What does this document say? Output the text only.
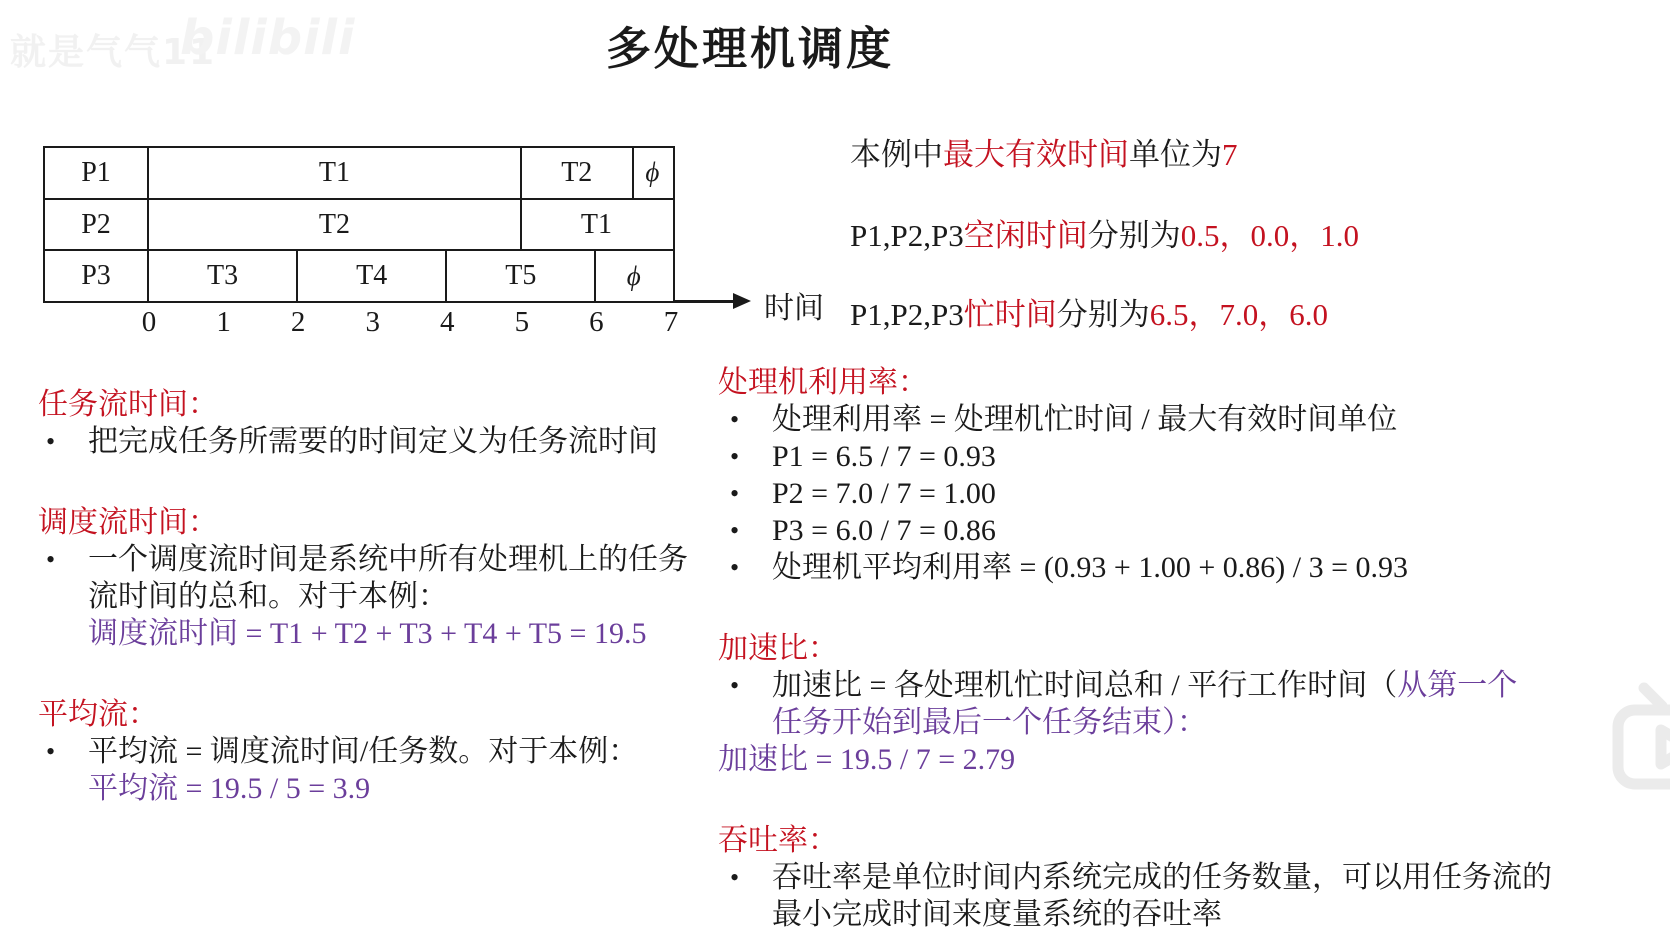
就是气气11
bilibili	多处理机调度
P1	T1	T2 ϕ
P2	T2	T1
P3	T3	T4	T5	ϕ
0 1 2 3 4 5 6 7	时间
本例中最大有效时间单位为7
P1,P2,P3空闲时间分别为0.5，0.0，1.0
P1,P2,P3忙时间分别为6.5，7.0，6.0
任务流时间：
•	把完成任务所需要的时间定义为任务流时间
调度流时间：
•	一个调度流时间是系统中所有处理机上的任务
流时间的总和。对于本例：
调度流时间 = T1 + T2 + T3 + T4 + T5 = 19.5
平均流：
•	平均流 = 调度流时间/任务数。对于本例：
平均流 = 19.5 / 5 = 3.9
处理机利用率：
•	处理利用率 = 处理机忙时间 / 最大有效时间单位
•	P1 = 6.5 / 7 = 0.93
•	P2 = 7.0 / 7 = 1.00
•	P3 = 6.0 / 7 = 0.86
•	处理机平均利用率 = (0.93 + 1.00 + 0.86) / 3 = 0.93
加速比：
•	加速比 = 各处理机忙时间总和 / 平行工作时间（从第一个
任务开始到最后一个任务结束）：
加速比 = 19.5 / 7 = 2.79
吞吐率：
•	吞吐率是单位时间内系统完成的任务数量，可以用任务流的
最小完成时间来度量系统的吞吐率
